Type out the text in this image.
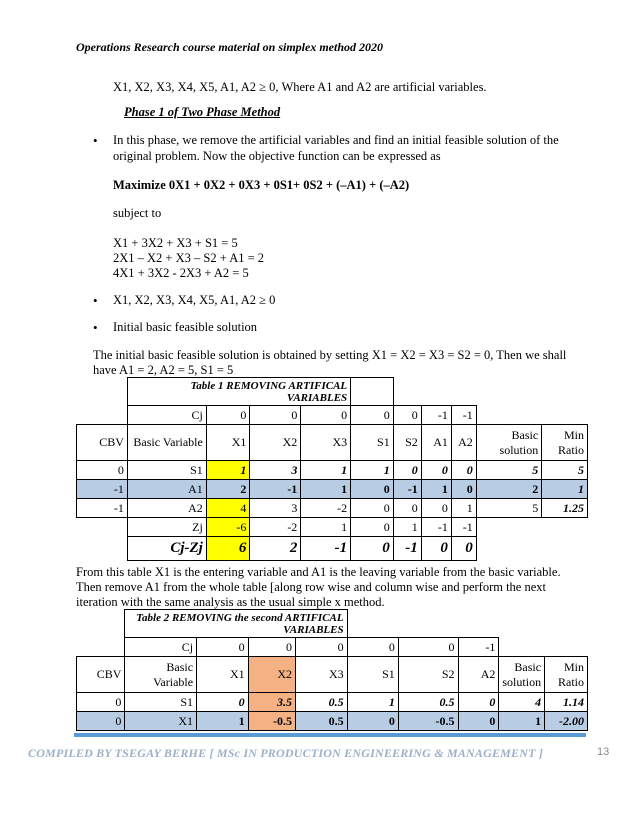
Operations Research course material on simplex method 2020
X1, X2, X3, X4, X5, A1, A2 ≥ 0, Where A1 and A2 are artificial variables.
Phase 1 of Two Phase Method
• In this phase, we remove the artificial variables and find an initial feasible solution of the
original problem. Now the objective function can be expressed as
Maximize 0X1 + 0X2 + 0X3 + 0S1+ 0S2 + (–A1) + (–A2)
subject to
X1 + 3X2 + X3 + S1 = 5
2X1 – X2 + X3 – S2 + A1 = 2
4X1 + 3X2 - 2X3 + A2 = 5
• X1, X2, X3, X4, X5, A1, A2 ≥ 0
• Initial basic feasible solution
The initial basic feasible solution is obtained by setting X1 = X2 = X3 = S2 = 0, Then we shall
have A1 = 2, A2 = 5, S1 = 5
	Table 1 REMOVING ARTIFICAL VARIABLES									
	Cj	0	0	0	0	0	-1	-1		
CBV	Basic Variable	X1	X2	X3	S1	S2	A1	A2	Basic solution	Min Ratio
0	S1	1	3	1	1	0	0	0	5	5
-1	A1	2	-1	1	0	-1	1	0	2	1
-1	A2	4	3	-2	0	0	0	1	5	1.25
	Zj	-6	-2	1	0	1	-1	-1		
	Cj-Zj	6	2	-1	0	-1	0	0		
From this table X1 is the entering variable and A1 is the leaving variable from the basic variable.
Then remove A1 from the whole table [along row wise and column wise and perform the next
iteration with the same analysis as the usual simple x method.
	Table 2 REMOVING the second ARTIFICAL VARIABLES								
	Cj	0	0	0	0	0	-1		
CBV	Basic Variable	X1	X2	X3	S1	S2	A2	Basic solution	Min Ratio
0	S1	0	3.5	0.5	1	0.5	0	4	1.14
0	X1	1	-0.5	0.5	0	-0.5	0	1	-2.00
COMPILED BY TSEGAY BERHE [ MSc IN PRODUCTION ENGINEERING & MANAGEMENT ]	13
